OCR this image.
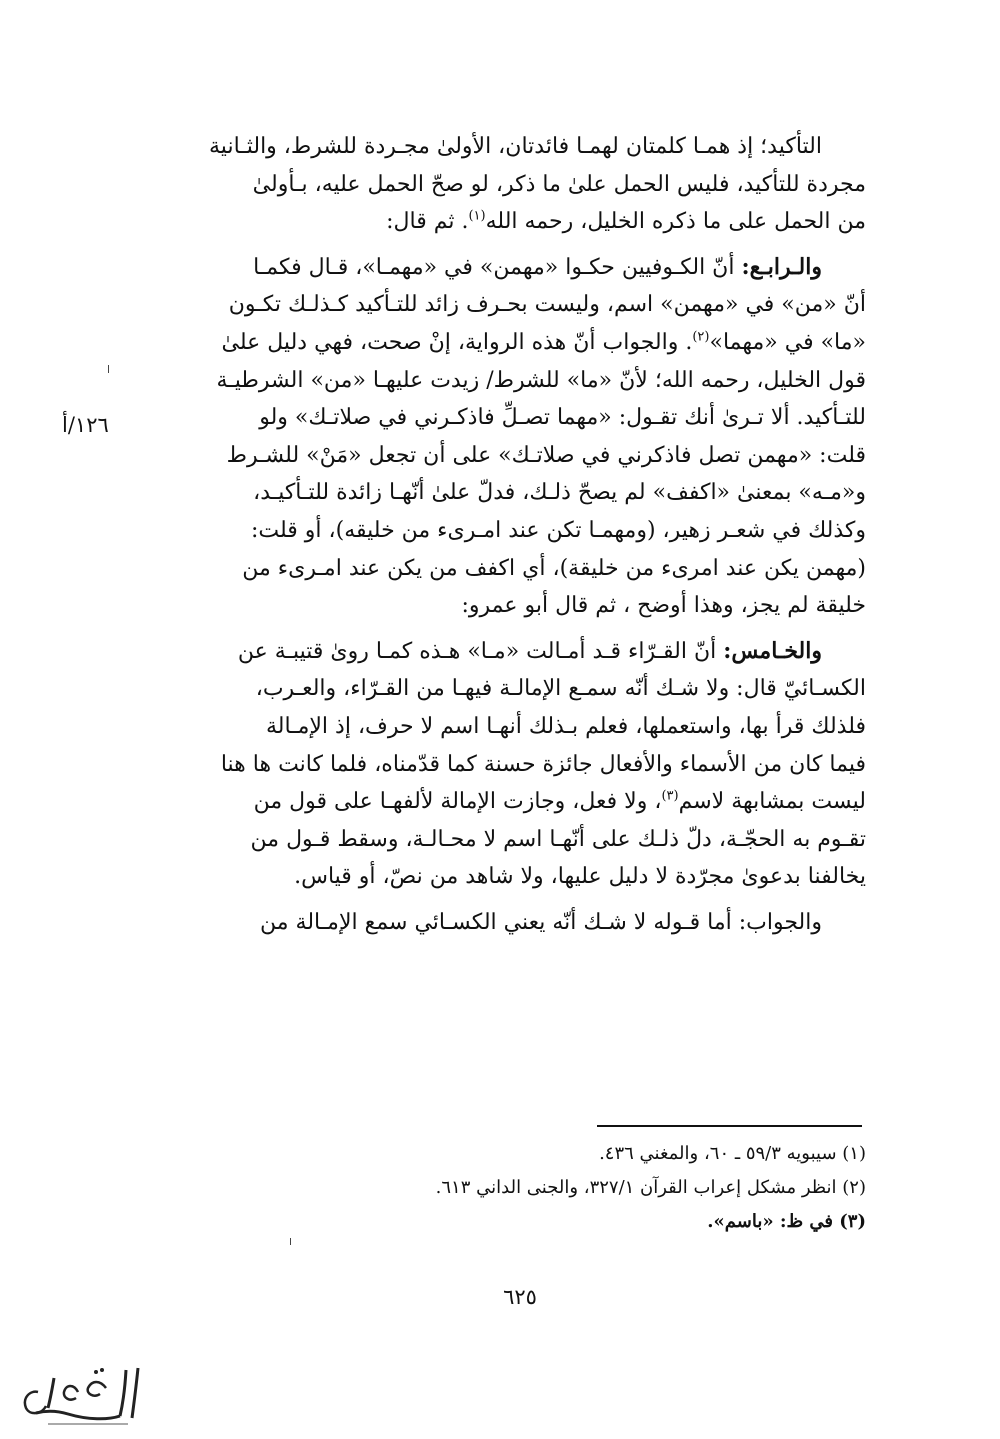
التأكيد؛ إذ همـا كلمتان لهمـا فائدتان، الأولىٰ مجـردة للشرط، والثـانية
مجردة للتأكيد، فليس الحمل علىٰ ما ذكر، لو صحّ الحمل عليه، بـأولىٰ
من الحمل على ما ذكره الخليل، رحمه الله$^{(١)}$. ثم قال:

والـرابـع: أنّ الكـوفيين حكـوا «مهمن» في «مهمـا»، قـال فكمـا
أنّ «من» في «مهمن» اسم، وليست بحـرف زائد للتـأكيد كـذلـك تكـون
«ما» في «مهما»$^{(٢)}$. والجواب أنّ هذه الرواية، إنْ صحت، فهي دليل علىٰ
قول الخليل، رحمه الله؛ لأنّ «ما» للشرط/ زيدت عليهـا «من» الشرطيـة
للتـأكيد. ألا تـرىٰ أنك تقـول: «مهما تصـلِّ فاذكـرني في صلاتـك» ولو
قلت: «مهمن تصل فاذكرني في صلاتـك» على أن تجعل «مَنْ» للشـرط
و«مـه» بمعنىٰ «اكفف» لم يصحّ ذلـك، فدلّ علىٰ أنّهـا زائدة للتـأكيـد،
وكذلك في شعـر زهير، (ومهمـا تكن عند امـرىء من خليقه)، أو قلت:
(مهمن يكن عند امرىء من خليقة)، أي اكفف من يكن عند امـرىء من
خليقة لم يجز، وهذا أوضح ، ثم قال أبو عمرو:

والخـامس: أنّ القـرّاء قـد أمـالت «مـا» هـذه كمـا روىٰ قتيبـة عن
الكسـائيّ قال: ولا شـك أنّه سمـع الإمالـة فيهـا من القـرّاء، والعـرب،
فلذلك قرأ بها، واستعملها، فعلم بـذلك أنهـا اسم لا حرف، إذ الإمـالة
فيما كان من الأسماء والأفعال جائزة حسنة كما قدّمناه، فلما كانت ها هنا
ليست بمشابهة لاسم$^{(٣)}$، ولا فعل، وجازت الإمالة لألفهـا على قول من
تقـوم به الحجّـة، دلّ ذلـك على أنّهـا اسم لا محـالـة، وسقط قـول من
يخالفنا بدعوىٰ مجرّدة لا دليل عليها، ولا شاهد من نصّ، أو قياس.

والجواب: أما قـوله لا شـك أنّه يعني الكسـائي سمع الإمـالة من

١٢٦/أ
(١) سيبويه ٥٩/٣ ـ ٦٠، والمغني ٤٣٦.
(٢) انظر مشكل إعراب القرآن ٣٢٧/١، والجنى الداني ٦١٣.
(٣) في ظ: «باسم».
٦٢٥
